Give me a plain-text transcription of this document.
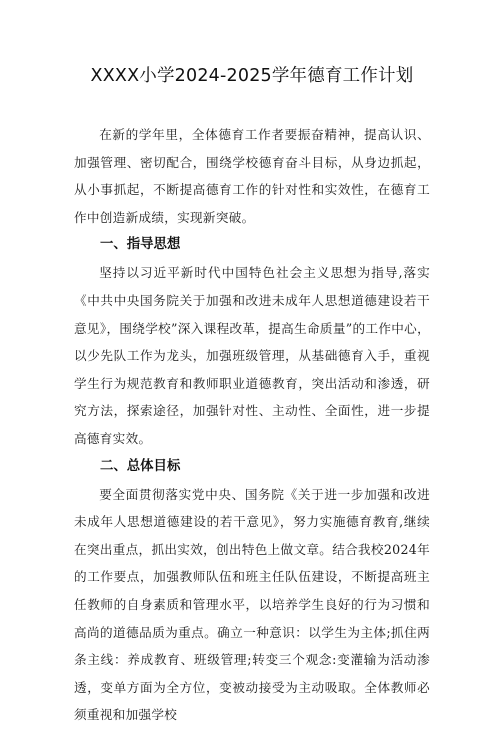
XXXX小学2024-2025学年德育工作计划

在新的学年里，全体德育工作者要振奋精神，提高认识、加强管理、密切配合，围绕学校德育奋斗目标，从身边抓起，从小事抓起，不断提高德育工作的针对性和实效性，在德育工作中创造新成绩，实现新突破。

一、指导思想

坚持以习近平新时代中国特色社会主义思想为指导,落实《中共中央国务院关于加强和改进未成年人思想道德建设若干意见》，围绕学校”深入课程改革，提高生命质量”的工作中心，以少先队工作为龙头，加强班级管理，从基础德育入手，重视学生行为规范教育和教师职业道德教育，突出活动和渗透，研究方法，探索途径，加强针对性、主动性、全面性，进一步提高德育实效。

二、总体目标

要全面贯彻落实党中央、国务院《关于进一步加强和改进未成年人思想道德建设的若干意见》，努力实施德育教育,继续在突出重点，抓出实效，创出特色上做文章。结合我校2024年的工作要点，加强教师队伍和班主任队伍建设，不断提高班主任教师的自身素质和管理水平，以培养学生良好的行为习惯和高尚的道德品质为重点。确立一种意识：以学生为主体;抓住两条主线：养成教育、班级管理;转变三个观念:变灌输为活动渗透，变单方面为全方位，变被动接受为主动吸取。全体教师必须重视和加强学校
